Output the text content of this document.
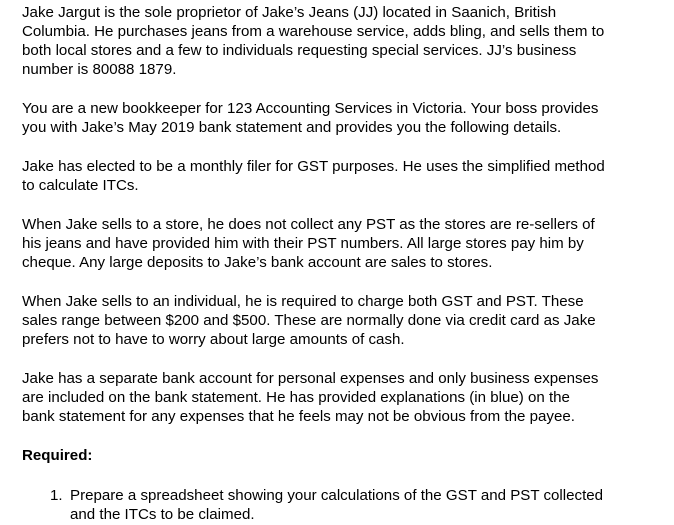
Jake Jargut is the sole proprietor of Jake’s Jeans (JJ) located in Saanich, British
Columbia. He purchases jeans from a warehouse service, adds bling, and sells them to
both local stores and a few to individuals requesting special services. JJ’s business
number is 80088 1879.

You are a new bookkeeper for 123 Accounting Services in Victoria. Your boss provides
you with Jake’s May 2019 bank statement and provides you the following details.

Jake has elected to be a monthly filer for GST purposes. He uses the simplified method
to calculate ITCs.

When Jake sells to a store, he does not collect any PST as the stores are re-sellers of
his jeans and have provided him with their PST numbers. All large stores pay him by
cheque. Any large deposits to Jake’s bank account are sales to stores.

When Jake sells to an individual, he is required to charge both GST and PST. These
sales range between $200 and $500. These are normally done via credit card as Jake
prefers not to have to worry about large amounts of cash.

Jake has a separate bank account for personal expenses and only business expenses
are included on the bank statement. He has provided explanations (in blue) on the
bank statement for any expenses that he feels may not be obvious from the payee.

Required:

1. Prepare a spreadsheet showing your calculations of the GST and PST collected
and the ITCs to be claimed.
